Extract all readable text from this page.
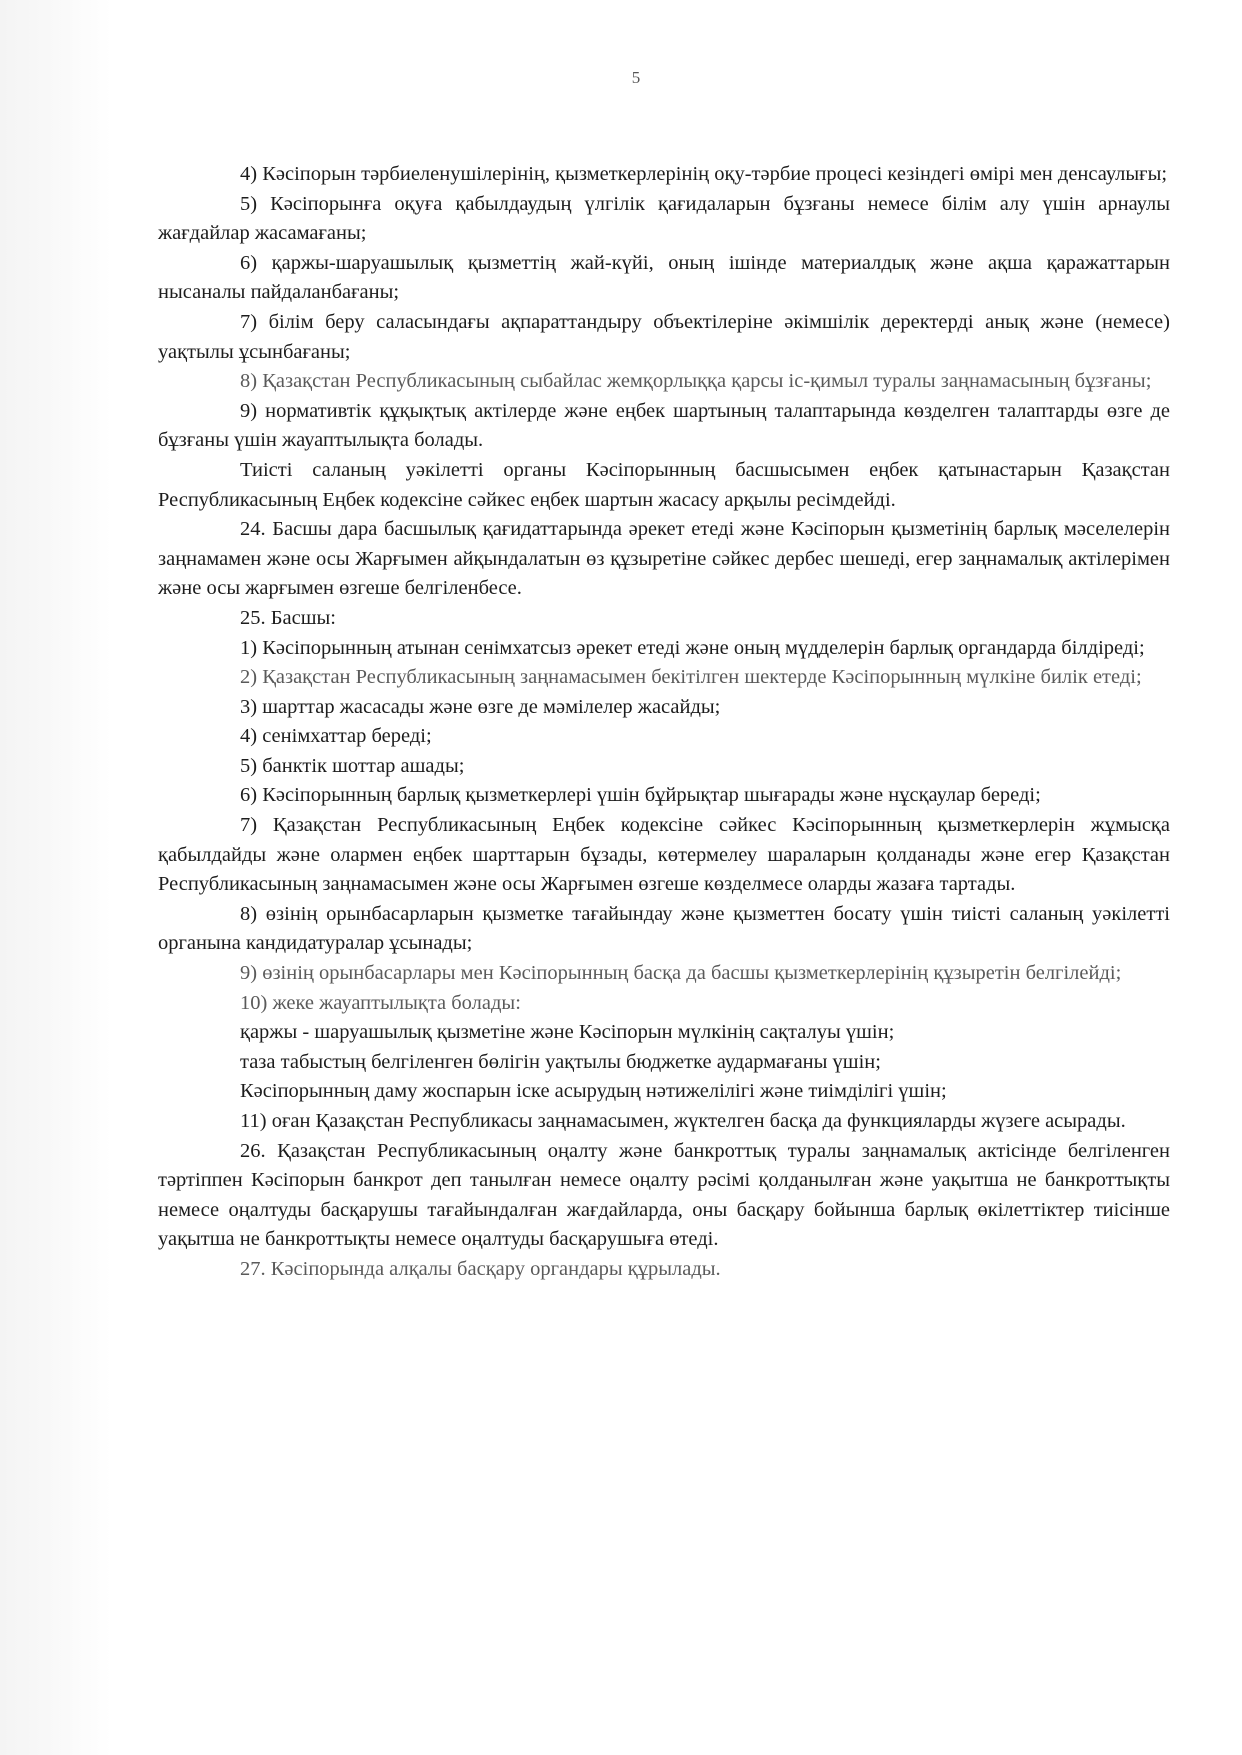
5

4) Кәсіпорын тәрбиеленушілерінің, қызметкерлерінің оқу-тәрбие процесі кезіндегі өмірі мен денсаулығы;

5) Кәсіпорынға оқуға қабылдаудың үлгілік қағидаларын бұзғаны немесе білім алу үшін арнаулы жағдайлар жасамағаны;

6) қаржы-шаруашылық қызметтің жай-күйі, оның ішінде материалдық және ақша қаражаттарын нысаналы пайдаланбағаны;

7) білім беру саласындағы ақпараттандыру объектілеріне әкімшілік деректерді анық және (немесе) уақтылы ұсынбағаны;

8) Қазақстан Республикасының сыбайлас жемқорлыққа қарсы іс-қимыл туралы заңнамасының бұзғаны;

9) нормативтік құқықтық актілерде және еңбек шартының талаптарында көзделген талаптарды өзге де бұзғаны үшін жауаптылықта болады.

Тиісті саланың уәкілетті органы Кәсіпорынның басшысымен еңбек қатынастарын Қазақстан Республикасының Еңбек кодексіне сәйкес еңбек шартын жасасу арқылы ресімдейді.

24. Басшы дара басшылық қағидаттарында әрекет етеді және Кәсіпорын қызметінің барлық мәселелерін заңнамамен және осы Жарғымен айқындалатын өз құзыретіне сәйкес дербес шешеді, егер заңнамалық актілерімен және осы жарғымен өзгеше белгіленбесе.

25. Басшы:

1) Кәсіпорынның атынан сенімхатсыз әрекет етеді және оның мүдделерін барлық органдарда білдіреді;

2) Қазақстан Республикасының заңнамасымен бекітілген шектерде Кәсіпорынның мүлкіне билік етеді;

3) шарттар жасасады және өзге де мәмілелер жасайды;

4) сенімхаттар береді;

5) банктік шоттар ашады;

6) Кәсіпорынның барлық қызметкерлері үшін бұйрықтар шығарады және нұсқаулар береді;

7) Қазақстан Республикасының Еңбек кодексіне сәйкес Кәсіпорынның қызметкерлерін жұмысқа қабылдайды және олармен еңбек шарттарын бұзады, көтермелеу шараларын қолданады және егер Қазақстан Республикасының заңнамасымен және осы Жарғымен өзгеше көзделмесе оларды жазаға тартады.

8) өзінің орынбасарларын қызметке тағайындау және қызметтен босату үшін тиісті саланың уәкілетті органына кандидатуралар ұсынады;

9) өзінің орынбасарлары мен Кәсіпорынның басқа да басшы қызметкерлерінің құзыретін белгілейді;

10) жеке жауаптылықта болады:

қаржы - шаруашылық қызметіне және Кәсіпорын мүлкінің сақталуы үшін;

таза табыстың белгіленген бөлігін уақтылы бюджетке аудармағаны үшін;

Кәсіпорынның даму жоспарын іске асырудың нәтижелілігі және тиімділігі үшін;

11) оған Қазақстан Республикасы заңнамасымен, жүктелген басқа да функцияларды жүзеге асырады.

26. Қазақстан Республикасының оңалту және банкроттық туралы заңнамалық актісінде белгіленген тәртіппен Кәсіпорын банкрот деп танылған немесе оңалту рәсімі қолданылған және уақытша не банкроттықты немесе оңалтуды басқарушы тағайындалған жағдайларда, оны басқару бойынша барлық өкілеттіктер тиісінше уақытша не банкроттықты немесе оңалтуды басқарушыға өтеді.

27. Кәсіпорында алқалы басқару органдары құрылады.
